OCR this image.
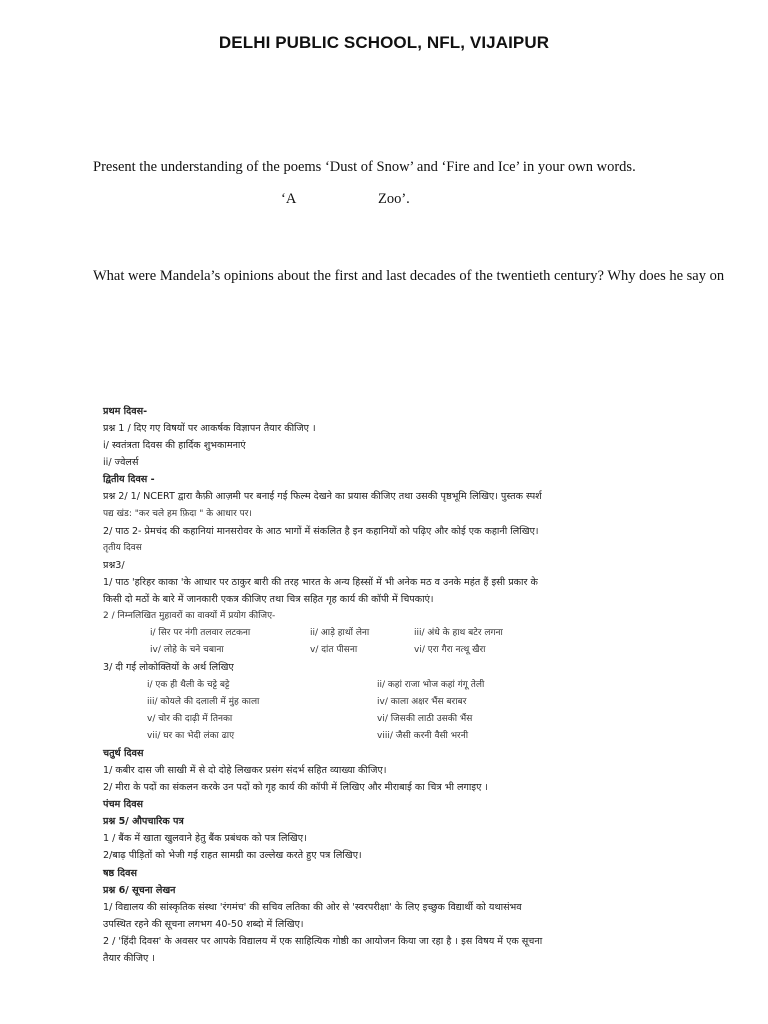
DELHI PUBLIC SCHOOL, NFL, VIJAIPUR
Present the understanding of the poems ‘Dust of Snow’ and ‘Fire and Ice’ in your own words.
‘A	Zoo’.
What were Mandela’s opinions about the first and last decades of the twentieth century? Why does he say on
प्रथम दिवस-
प्रश्न 1 / दिए गए विषयों पर आकर्षक विज्ञापन तैयार कीजिए ।
i/ स्वतंत्रता दिवस की हार्दिक शुभकामनाएं
ii/ ज्वेलर्स
द्वितीय दिवस -
प्रश्न 2/ 1/ NCERT द्वारा कैफ़ी आज़मी पर बनाई गई फिल्म देखने का प्रयास कीजिए तथा उसकी पृष्ठभूमि लिखिए। पुस्तक स्पर्श
पद्य खंड: "कर चले हम फ़िदा " के आधार पर।
2/ पाठ 2- प्रेमचंद की कहानियां मानसरोवर के आठ भागों में संकलित है इन कहानियों को पढ़िए और कोई एक कहानी लिखिए।
तृतीय दिवस
प्रश्न3/
1/ पाठ 'हरिहर काका 'के आधार पर ठाकुर बारी की तरह भारत के अन्य हिस्सों में भी अनेक मठ व उनके महंत हैं इसी प्रकार के
किसी दो मठों के बारे में जानकारी एकत्र कीजिए तथा चित्र सहित गृह कार्य की कॉपी में चिपकाएं।
2 / निम्नलिखित मुहावरों का वाक्यों में प्रयोग कीजिए-
i/ सिर पर नंगी तलवार लटकना	ii/ आड़े हाथों लेना	iii/ अंधे के हाथ बटेर लगना
iv/ लोहे के चने चबाना	v/ दांत पीसना	vi/ एरा गैरा नत्थू खैरा
3/ दी गई लोकोक्तियों के अर्थ लिखिए
i/ एक ही थैली के चट्टे बट्टे	ii/ कहां राजा भोज कहां गंगू तेली
iii/ कोयले की दलाली में मुंह काला	iv/ काला अक्षर भैंस बराबर
v/ चोर की दाढ़ी में तिनका	vi/ जिसकी लाठी उसकी भैंस
vii/ घर का भेदी लंका ढाए	viii/ जैसी करनी वैसी भरनी
चतुर्थ दिवस
1/ कबीर दास जी साखी में से दो दोहे लिखकर प्रसंग संदर्भ सहित व्याख्या कीजिए।
2/ मीरा के पदों का संकलन करके उन पदों को गृह कार्य की कॉपी में लिखिए और मीराबाई का चित्र भी लगाइए ।
पंचम दिवस
प्रश्न 5/ औपचारिक पत्र
1 / बैंक में खाता खुलवाने हेतु बैंक प्रबंधक को पत्र लिखिए।
2/बाढ़ पीड़ितों को भेजी गई राहत सामग्री का उल्लेख करते हुए पत्र लिखिए।
षष्ठ दिवस
प्रश्न 6/ सूचना लेखन
1/ विद्यालय की सांस्कृतिक संस्था 'रंगमंच' की सचिव लतिका की ओर से 'स्वरपरीक्षा' के लिए इच्छुक विद्यार्थी को यथासंभव
उपस्थित रहने की सूचना लगभग 40-50 शब्दो में लिखिए।
2 / 'हिंदी दिवस' के अवसर पर आपके विद्यालय में एक साहित्यिक गोष्ठी का आयोजन किया जा रहा है । इस विषय में एक सूचना
तैयार कीजिए ।
